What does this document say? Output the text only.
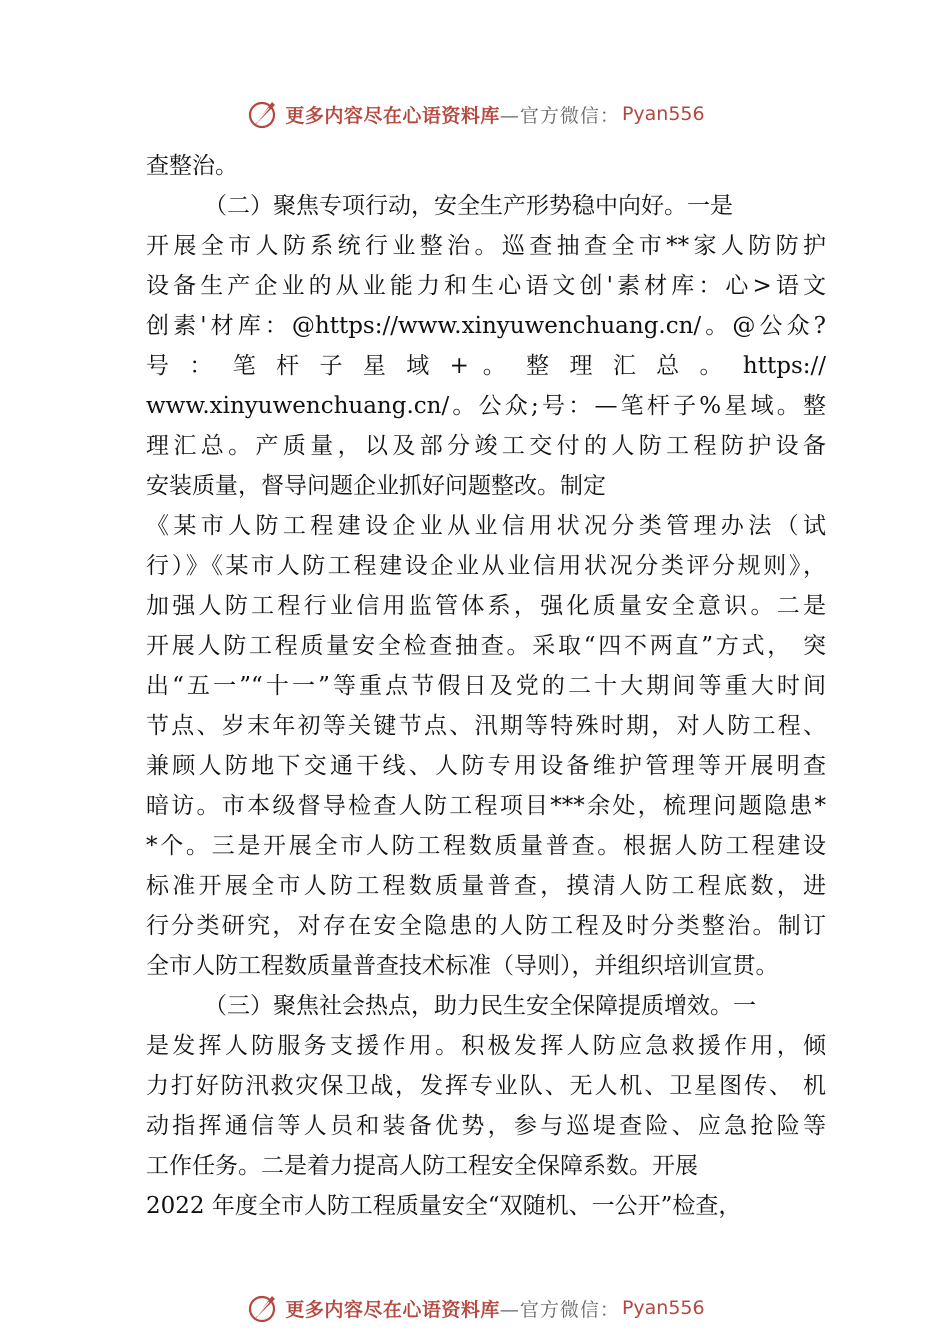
更多内容尽在心语资料库 —官方微信： Pyan556
查整治。
（二）聚焦专项行动，安全生产形势稳中向好。一是
开展全市人防系统行业整治。巡查抽查全市**家人防防护
设备生产企业的从业能力和生心语文创'素材库：心>语文
创素'材库：@https://www.xinyuwenchuang.cn/。@公众?
号 ： 笔 杆 子 星 域 + 。 整 理 汇 总 。 https://
www.xinyuwenchuang.cn/。公众;号：—笔杆子%星域。整
理汇总。产质量，以及部分竣工交付的人防工程防护设备
安装质量，督导问题企业抓好问题整改。制定
《某市人防工程建设企业从业信用状况分类管理办法（试
行）》《某市人防工程建设企业从业信用状况分类评分规则》，
加强人防工程行业信用监管体系，强化质量安全意识。二是
开展人防工程质量安全检查抽查。采取“四不两直”方式， 突
出“五一”“十一”等重点节假日及党的二十大期间等重大时间
节点、岁末年初等关键节点、汛期等特殊时期，对人防工程、
兼顾人防地下交通干线、人防专用设备维护管理等开展明查
暗访。市本级督导检查人防工程项目***余处，梳理问题隐患*
*个。三是开展全市人防工程数质量普查。根据人防工程建设
标准开展全市人防工程数质量普查，摸清人防工程底数，进
行分类研究，对存在安全隐患的人防工程及时分类整治。制订
全市人防工程数质量普查技术标准（导则），并组织培训宣贯。
（三）聚焦社会热点，助力民生安全保障提质增效。一
是发挥人防服务支援作用。积极发挥人防应急救援作用，倾
力打好防汛救灾保卫战，发挥专业队、无人机、卫星图传、 机
动指挥通信等人员和装备优势，参与巡堤查险、应急抢险等
工作任务。二是着力提高人防工程安全保障系数。开展
2022 年度全市人防工程质量安全“双随机、一公开”检查，
更多内容尽在心语资料库 —官方微信： Pyan556
